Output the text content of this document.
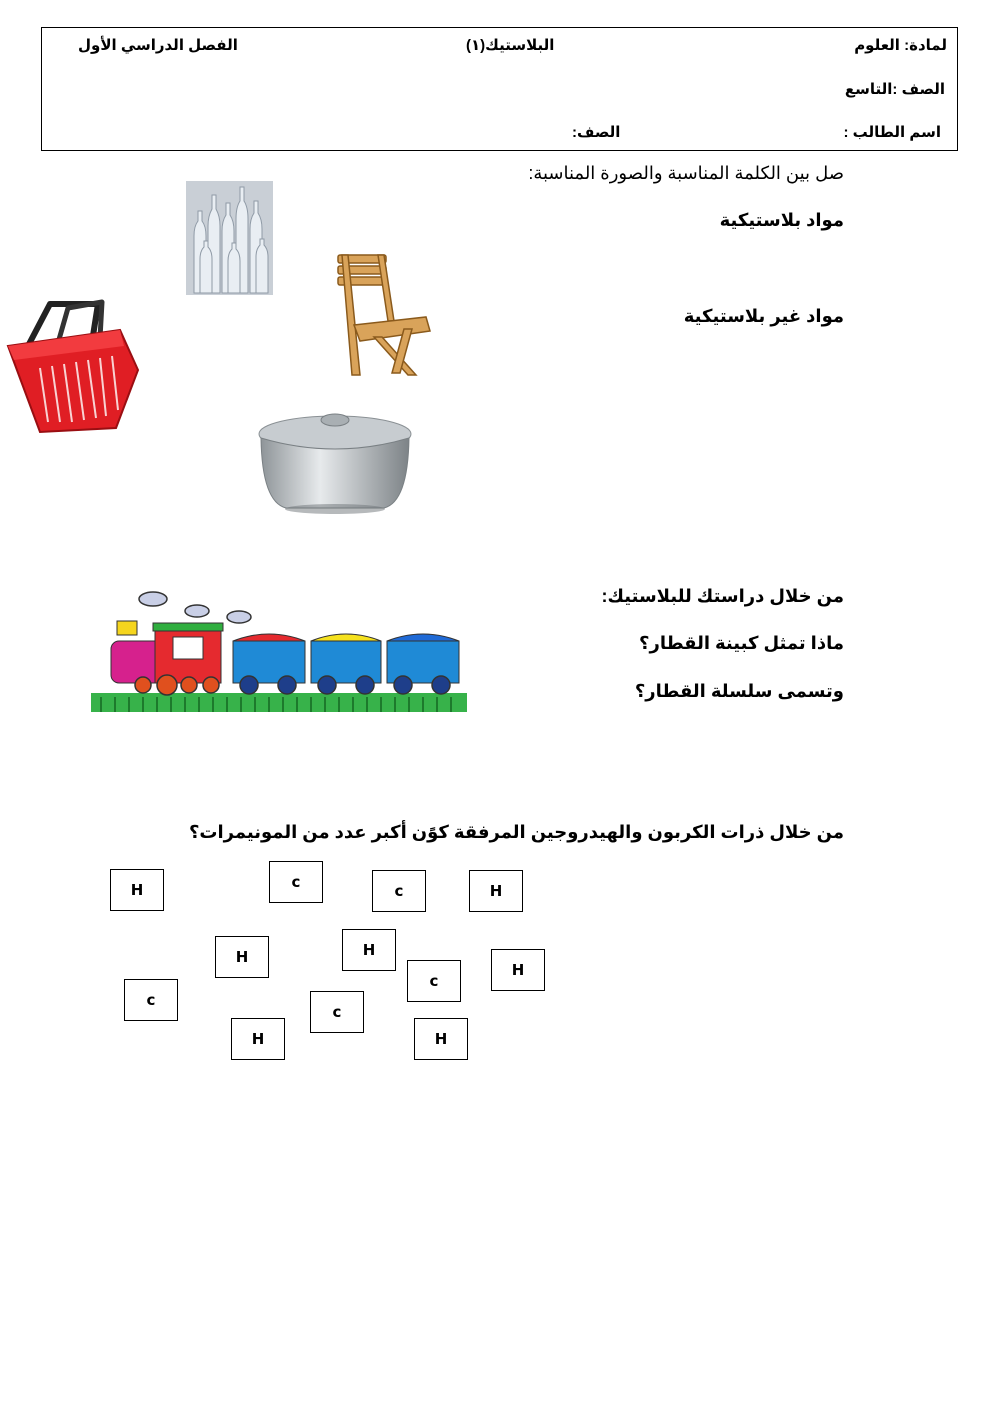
لمادة: العلوم
البلاستيك(١)
الفصل الدراسي الأول
الصف :التاسع
اسم الطالب :
الصف:
صل بين الكلمة المناسبة والصورة المناسبة:
مواد بلاستيكية
مواد غير بلاستيكية
من خلال دراستك للبلاستيك:
ماذا تمثل كبينة القطار؟
وتسمى سلسلة القطار؟
من خلال ذرات الكربون والهيدروجين المرفقة كوًن أكبر عدد من المونيمرات؟
H	c	c	H
H	H
c
H
c
c
H	H
